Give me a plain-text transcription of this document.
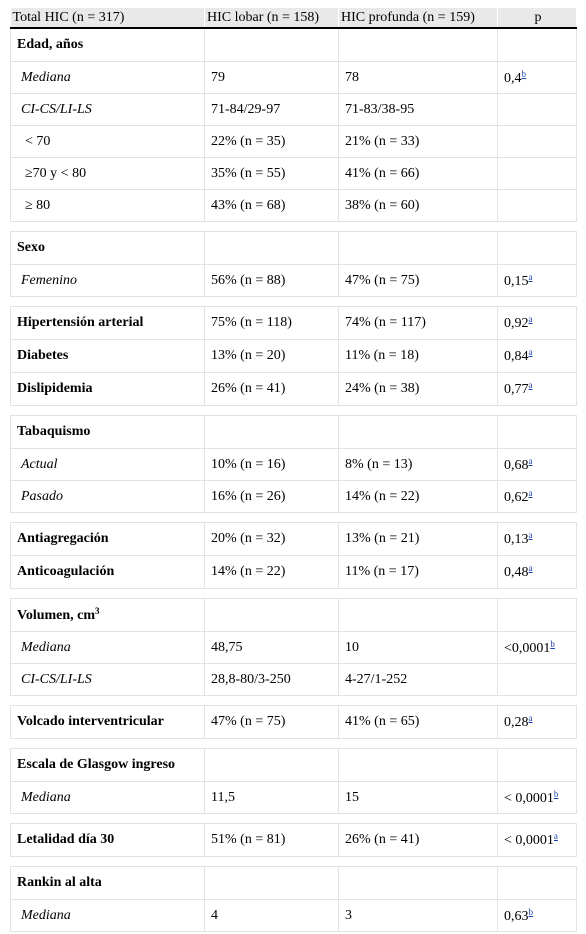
Total HIC (n = 317)	HIC lobar (n = 158)	HIC profunda (n = 159)	p
Edad, años			
Mediana	79	78	0,4$^b$
CI-CS/LI-LS	71-84/29-97	71-83/38-95	
< 70	22% (n = 35)	21% (n = 33)	
≥70 y < 80	35% (n = 55)	41% (n = 66)	
≥ 80	43% (n = 68)	38% (n = 60)	

Sexo			
Femenino	56% (n = 88)	47% (n = 75)	0,15$^a$

Hipertensión arterial	75% (n = 118)	74% (n = 117)	0,92$^a$
Diabetes	13% (n = 20)	11% (n = 18)	0,84$^a$
Dislipidemia	26% (n = 41)	24% (n = 38)	0,77$^a$

Tabaquismo			
Actual	10% (n = 16)	8% (n = 13)	0,68$^a$
Pasado	16% (n = 26)	14% (n = 22)	0,62$^a$

Antiagregación	20% (n = 32)	13% (n = 21)	0,13$^a$
Anticoagulación	14% (n = 22)	11% (n = 17)	0,48$^a$

Volumen, $cm^3$			
Mediana	48,75	10	<0,0001$^b$
CI-CS/LI-LS	28,8-80/3-250	4-27/1-252	

Volcado interventricular	47% (n = 75)	41% (n = 65)	0,28$^a$

Escala de Glasgow ingreso			
Mediana	11,5	15	< 0,0001$^b$

Letalidad día 30	51% (n = 81)	26% (n = 41)	< 0,0001$^a$

Rankin al alta			
Mediana	4	3	0,63$^b$
